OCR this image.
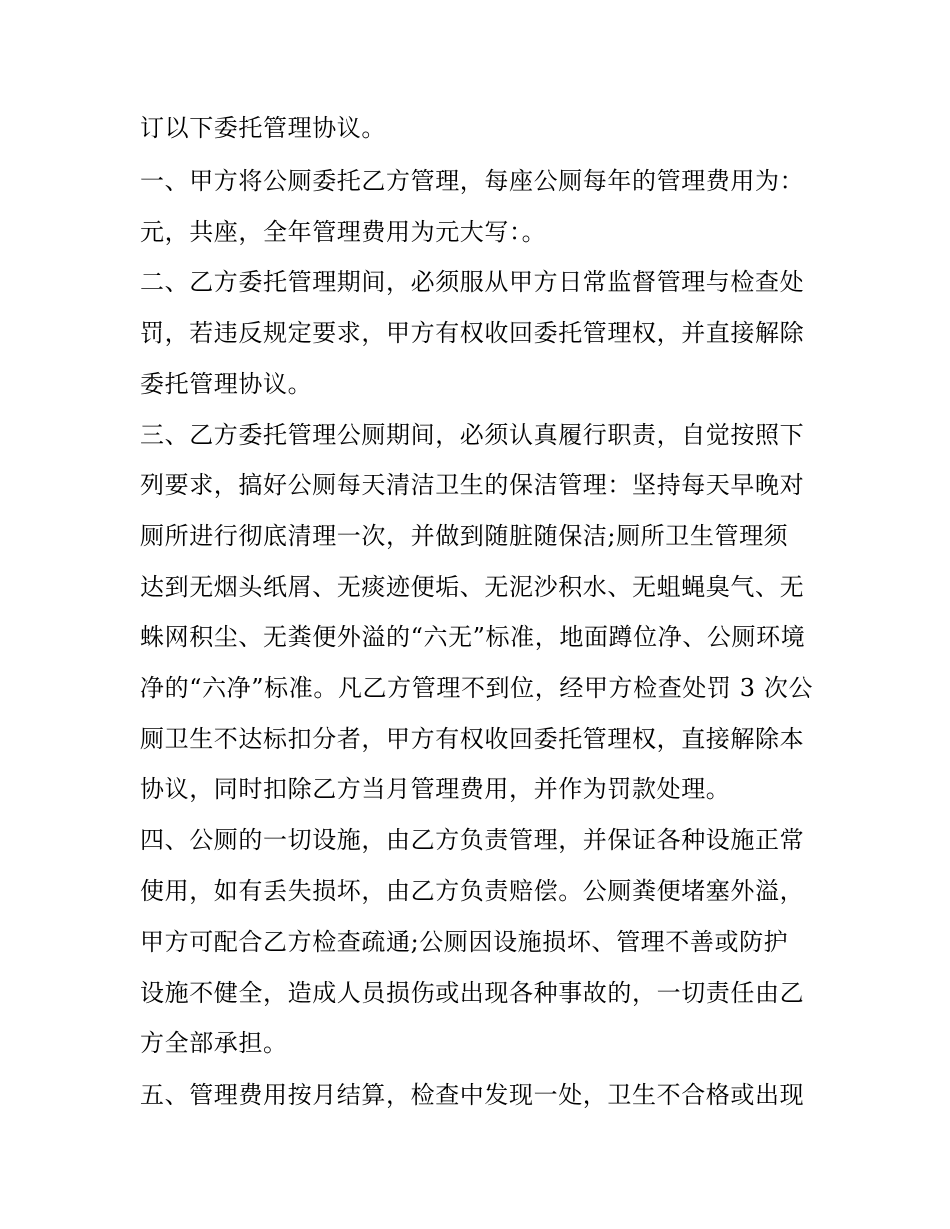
订以下委托管理协议。
一、甲方将公厕委托乙方管理，每座公厕每年的管理费用为：
元，共座，全年管理费用为元大写：。
二、乙方委托管理期间，必须服从甲方日常监督管理与检查处
罚，若违反规定要求，甲方有权收回委托管理权，并直接解除
委托管理协议。
三、乙方委托管理公厕期间，必须认真履行职责，自觉按照下
列要求，搞好公厕每天清洁卫生的保洁管理：坚持每天早晚对
厕所进行彻底清理一次，并做到随脏随保洁;厕所卫生管理须
达到无烟头纸屑、无痰迹便垢、无泥沙积水、无蛆蝇臭气、无
蛛网积尘、无粪便外溢的“六无”标准，地面蹲位净、公厕环境
净的“六净”标准。凡乙方管理不到位，经甲方检查处罚 3 次公
厕卫生不达标扣分者，甲方有权收回委托管理权，直接解除本
协议，同时扣除乙方当月管理费用，并作为罚款处理。
四、公厕的一切设施，由乙方负责管理，并保证各种设施正常
使用，如有丢失损坏，由乙方负责赔偿。公厕粪便堵塞外溢，
甲方可配合乙方检查疏通;公厕因设施损坏、管理不善或防护
设施不健全，造成人员损伤或出现各种事故的，一切责任由乙
方全部承担。
五、管理费用按月结算，检查中发现一处，卫生不合格或出现
